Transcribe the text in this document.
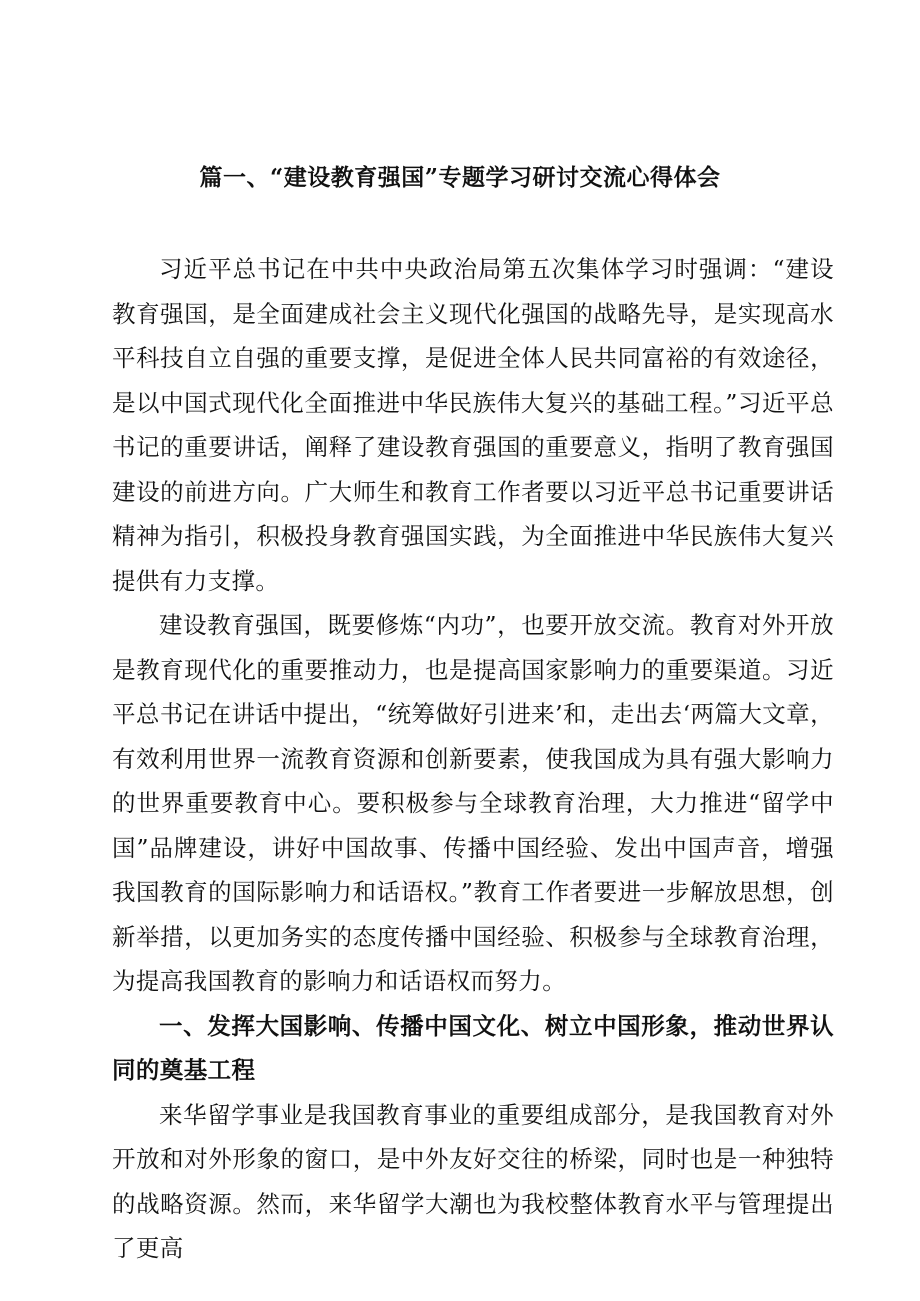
篇一、“建设教育强国”专题学习研讨交流心得体会

习近平总书记在中共中央政治局第五次集体学习时强调：“建设教育强国，是全面建成社会主义现代化强国的战略先导，是实现高水平科技自立自强的重要支撑，是促进全体人民共同富裕的有效途径，是以中国式现代化全面推进中华民族伟大复兴的基础工程。”习近平总书记的重要讲话，阐释了建设教育强国的重要意义，指明了教育强国建设的前进方向。广大师生和教育工作者要以习近平总书记重要讲话精神为指引，积极投身教育强国实践，为全面推进中华民族伟大复兴提供有力支撑。

建设教育强国，既要修炼“内功”，也要开放交流。教育对外开放是教育现代化的重要推动力，也是提高国家影响力的重要渠道。习近平总书记在讲话中提出，“统筹做好引进来’和，走出去‘两篇大文章，有效利用世界一流教育资源和创新要素，使我国成为具有强大影响力的世界重要教育中心。要积极参与全球教育治理，大力推进“留学中国”品牌建设，讲好中国故事、传播中国经验、发出中国声音，增强我国教育的国际影响力和话语权。”教育工作者要进一步解放思想，创新举措，以更加务实的态度传播中国经验、积极参与全球教育治理，为提高我国教育的影响力和话语权而努力。

一、发挥大国影响、传播中国文化、树立中国形象，推动世界认同的奠基工程

来华留学事业是我国教育事业的重要组成部分，是我国教育对外开放和对外形象的窗口，是中外友好交往的桥梁，同时也是一种独特的战略资源。然而，来华留学大潮也为我校整体教育水平与管理提出了更高
